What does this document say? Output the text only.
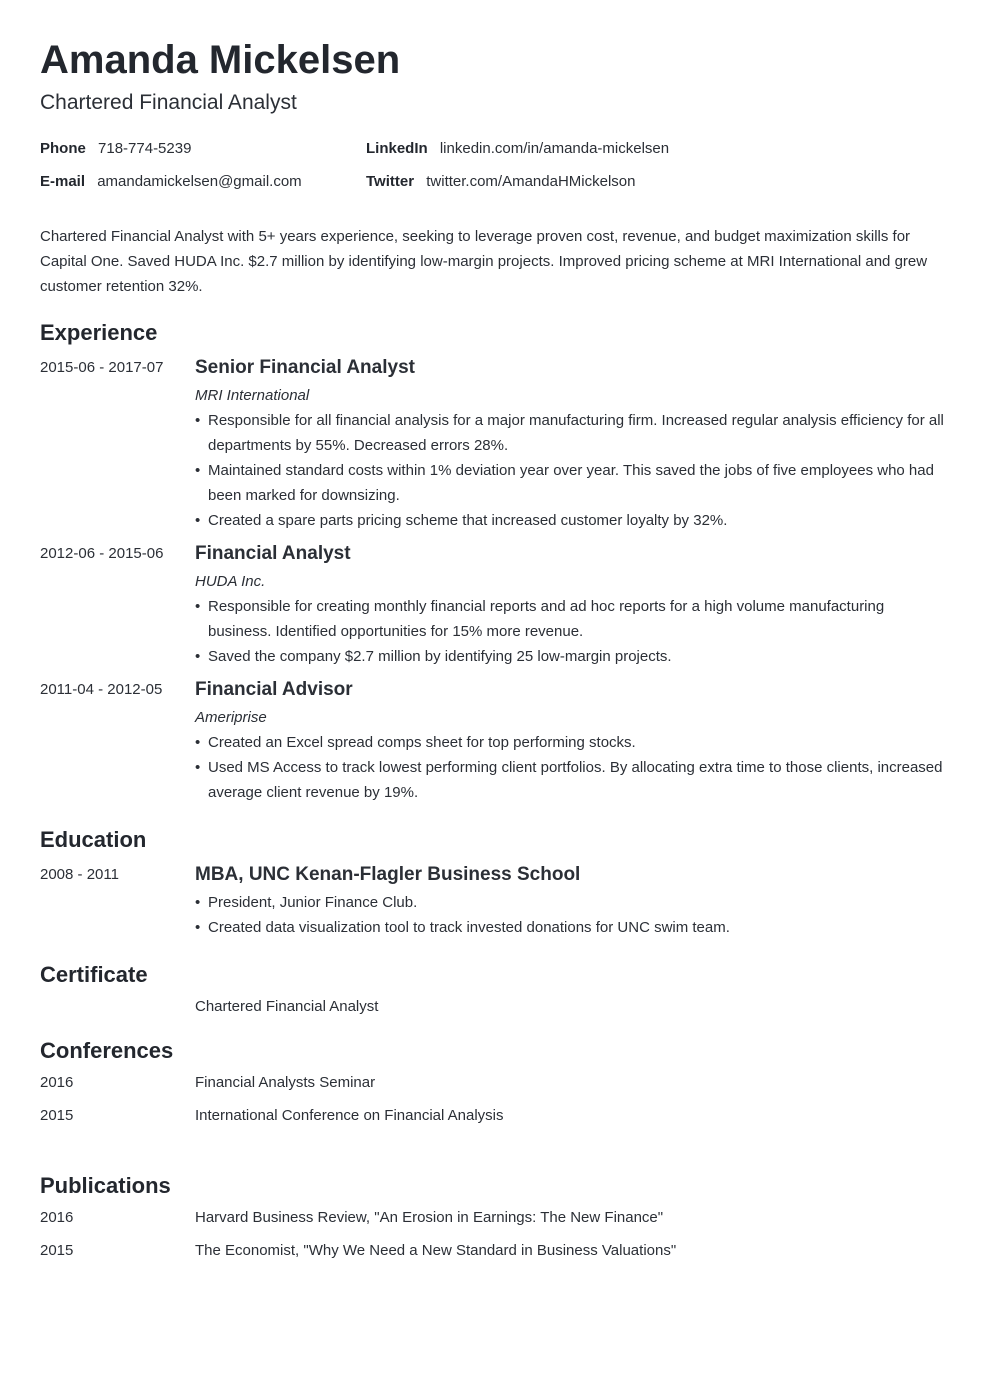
Amanda Mickelsen
Chartered Financial Analyst
Phone 718-774-5239	LinkedIn linkedin.com/in/amanda-mickelsen
E-mail amandamickelsen@gmail.com	Twitter twitter.com/AmandaHMickelson
Chartered Financial Analyst with 5+ years experience, seeking to leverage proven cost, revenue, and budget maximization skills for Capital One. Saved HUDA Inc. $2.7 million by identifying low-margin projects. Improved pricing scheme at MRI International and grew customer retention 32%.
Experience
2015-06 - 2017-07	Senior Financial Analyst
MRI International
• Responsible for all financial analysis for a major manufacturing firm. Increased regular analysis efficiency for all departments by 55%. Decreased errors 28%.
• Maintained standard costs within 1% deviation year over year. This saved the jobs of five employees who had been marked for downsizing.
• Created a spare parts pricing scheme that increased customer loyalty by 32%.
2012-06 - 2015-06	Financial Analyst
HUDA Inc.
• Responsible for creating monthly financial reports and ad hoc reports for a high volume manufacturing business. Identified opportunities for 15% more revenue.
• Saved the company $2.7 million by identifying 25 low-margin projects.
2011-04 - 2012-05	Financial Advisor
Ameriprise
• Created an Excel spread comps sheet for top performing stocks.
• Used MS Access to track lowest performing client portfolios. By allocating extra time to those clients, increased average client revenue by 19%.
Education
2008 - 2011	MBA, UNC Kenan-Flagler Business School
• President, Junior Finance Club.
• Created data visualization tool to track invested donations for UNC swim team.
Certificate
Chartered Financial Analyst
Conferences
2016	Financial Analysts Seminar
2015	International Conference on Financial Analysis
Publications
2016	Harvard Business Review, "An Erosion in Earnings: The New Finance"
2015	The Economist, "Why We Need a New Standard in Business Valuations"
